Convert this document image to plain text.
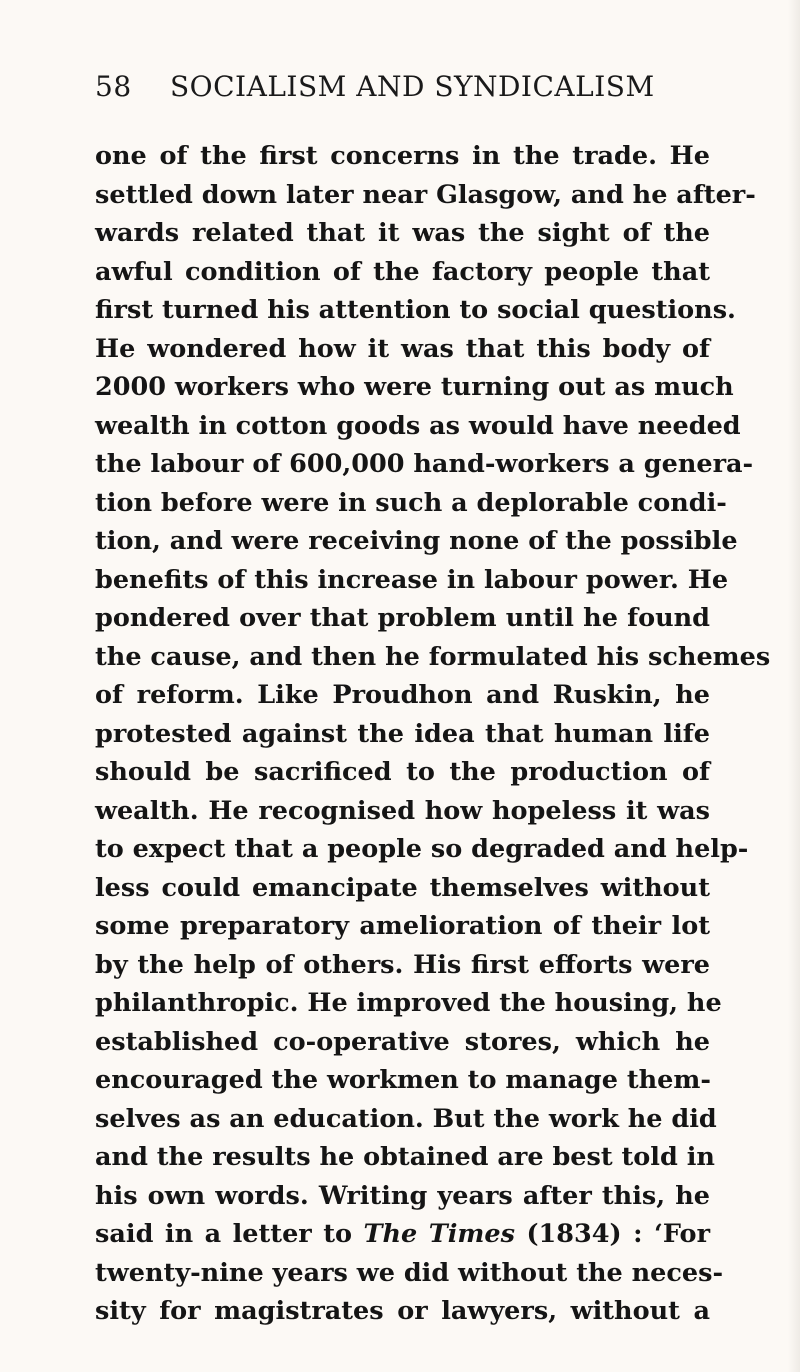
58 SOCIALISM AND SYNDICALISM
one of the first concerns in the trade. He
settled down later near Glasgow, and he after-
wards related that it was the sight of the
awful condition of the factory people that
first turned his attention to social questions.
He wondered how it was that this body of
2000 workers who were turning out as much
wealth in cotton goods as would have needed
the labour of 600,000 hand-workers a genera-
tion before were in such a deplorable condi-
tion, and were receiving none of the possible
benefits of this increase in labour power. He
pondered over that problem until he found
the cause, and then he formulated his schemes
of reform. Like Proudhon and Ruskin, he
protested against the idea that human life
should be sacrificed to the production of
wealth. He recognised how hopeless it was
to expect that a people so degraded and help-
less could emancipate themselves without
some preparatory amelioration of their lot
by the help of others. His first efforts were
philanthropic. He improved the housing, he
established co-operative stores, which he
encouraged the workmen to manage them-
selves as an education. But the work he did
and the results he obtained are best told in
his own words. Writing years after this, he
said in a letter to The Times (1834) : ‘For
twenty-nine years we did without the neces-
sity for magistrates or lawyers, without a
